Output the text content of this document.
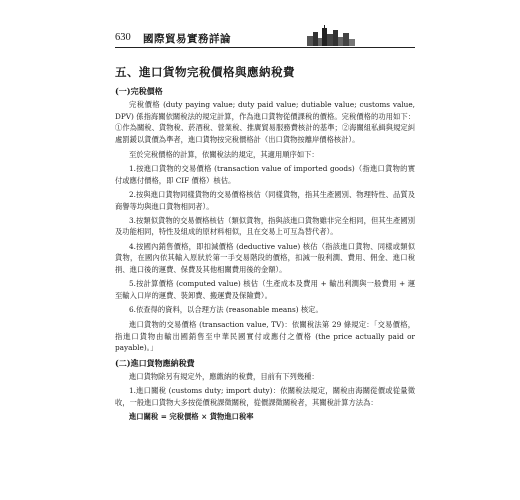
630 國際貿易實務詳論
五、進口貨物完稅價格與應納稅費
(一)完稅價格

完稅價格 (duty paying value; duty paid value; dutiable value; customs value, DPV) 係指海關依關稅法的規定計算，作為進口貨物從價課稅的價格。完稅價格的功用如下：①作為關稅、貨物稅、菸酒稅、營業稅、推廣貿易服務費核計的基準；②海關組私緝與規定糾處罰鍰以貨價為準者，進口貨物按完稅價格計（出口貨物按離岸價格核計）。

至於完稅價格的計算，依關稅法的規定，其適用順序如下：

1.按進口貨物的交易價格 (transaction value of imported goods)（指進口貨物的實付或應付價格，即 CIF 價格）核估。

2.按與進口貨物同樣貨物的交易價格核估（同樣貨物，指其生產國別、物理特性、品質及商譽等均與進口貨物相同者）。

3.按類似貨物的交易價格核估（類似貨物，指與該進口貨物雖非完全相同，但其生產國別及功能相同，特性及組成的原材料相似，且在交易上可互為替代者）。

4.按國內銷售價格，即扣減價格 (deductive value) 核估（指該進口貨物、同樣或類似貨物，在國內依其輸入原狀於第一手交易階段的價格，扣減一般利潤、費用、佣金、進口稅捐、進口後的運費、保費及其他相關費用後的金額）。

5.按計算價格 (computed value) 核估（生產成本及費用 + 輸出利潤與一般費用 + 運至輸入口岸的運費、裝卸費、搬運費及保險費）。

6.依查得的資料，以合理方法 (reasonable means) 核定。

進口貨物的交易價格 (transaction value, TV)：依關稅法第 29 條規定：「交易價格，指進口貨物由輸出國銷售至中華民國實付或應付之價格 (the price actually paid or payable)。」

(二)進口貨物應納稅費

進口貨物除另有規定外，應繳納的稅費，目前有下列幾種：

1.進口關稅 (customs duty; import duty)：依關稅法規定，關稅由海關從價或從量徵收，一般進口貨物大多按從價稅課徵關稅，從價課徵關稅者，其關稅計算方法為：

進口關稅 = 完稅價格 × 貨物進口稅率
